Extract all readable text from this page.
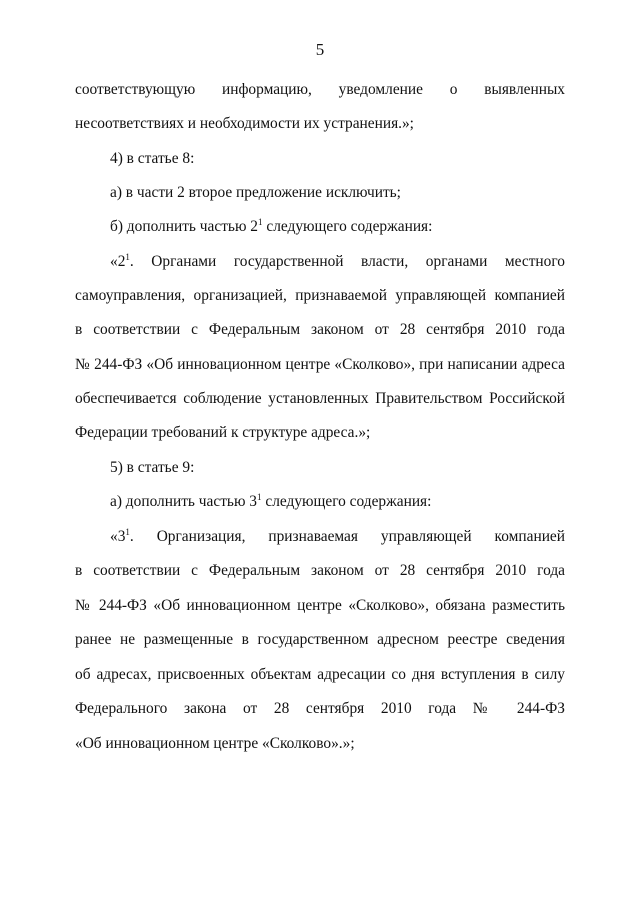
5
соответствующую информацию, уведомление о выявленных
несоответствиях и необходимости их устранения.»;
4) в статье 8:
а) в части 2 второе предложение исключить;
б) дополнить частью $2^1$ следующего содержания:
«$2^1$. Органами государственной власти, органами местного
самоуправления, организацией, признаваемой управляющей компанией
в соответствии с Федеральным законом от 28 сентября 2010 года
№ 244-ФЗ «Об инновационном центре «Сколково», при написании адреса
обеспечивается соблюдение установленных Правительством Российской
Федерации требований к структуре адреса.»;
5) в статье 9:
а) дополнить частью $3^1$ следующего содержания:
«$3^1$. Организация, признаваемая управляющей компанией
в соответствии с Федеральным законом от 28 сентября 2010 года
№ 244-ФЗ «Об инновационном центре «Сколково», обязана разместить
ранее не размещенные в государственном адресном реестре сведения
об адресах, присвоенных объектам адресации со дня вступления в силу
Федерального закона от 28 сентября 2010 года № 244-ФЗ
«Об инновационном центре «Сколково».»;
